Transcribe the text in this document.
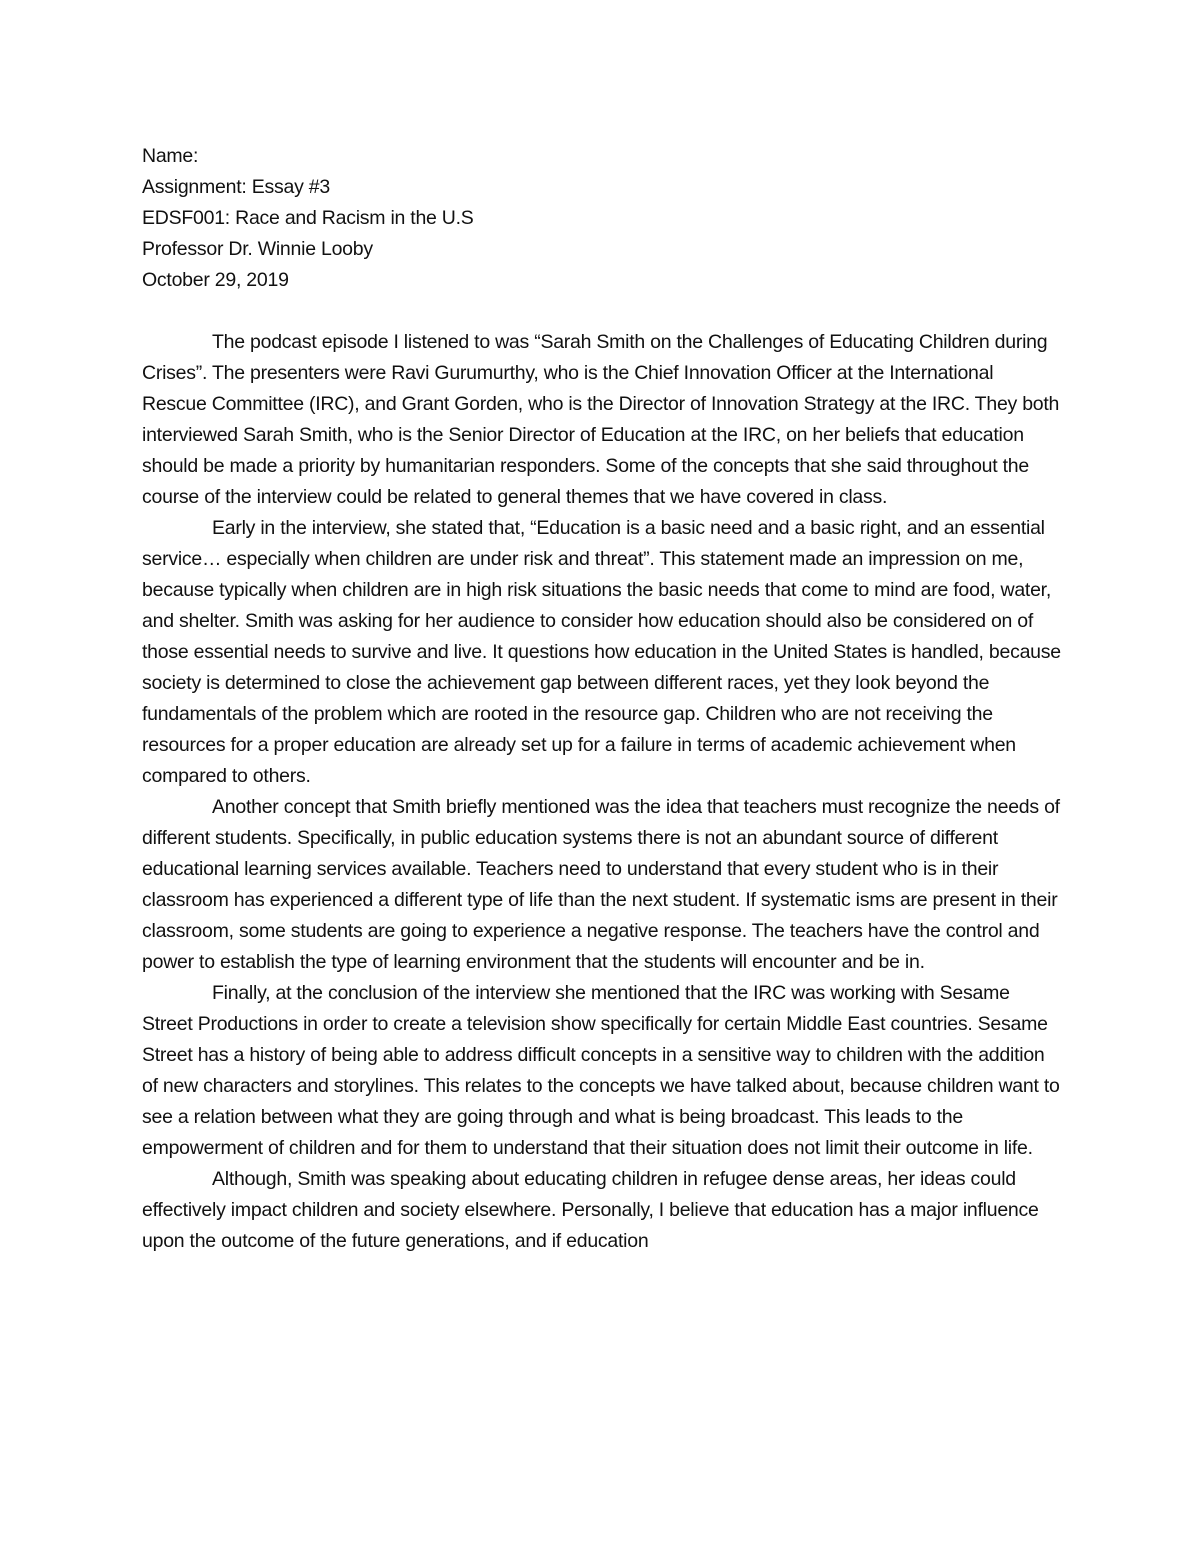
Name:
Assignment: Essay #3
EDSF001: Race and Racism in the U.S
Professor Dr. Winnie Looby
October 29, 2019

The podcast episode I listened to was “Sarah Smith on the Challenges of Educating Children during Crises”. The presenters were Ravi Gurumurthy, who is the Chief Innovation Officer at the International Rescue Committee (IRC), and Grant Gorden, who is the Director of Innovation Strategy at the IRC. They both interviewed Sarah Smith, who is the Senior Director of Education at the IRC, on her beliefs that education should be made a priority by humanitarian responders. Some of the concepts that she said throughout the course of the interview could be related to general themes that we have covered in class.

Early in the interview, she stated that, “Education is a basic need and a basic right, and an essential service… especially when children are under risk and threat”. This statement made an impression on me, because typically when children are in high risk situations the basic needs that come to mind are food, water, and shelter. Smith was asking for her audience to consider how education should also be considered on of those essential needs to survive and live. It questions how education in the United States is handled, because society is determined to close the achievement gap between different races, yet they look beyond the fundamentals of the problem which are rooted in the resource gap. Children who are not receiving the resources for a proper education are already set up for a failure in terms of academic achievement when compared to others.

Another concept that Smith briefly mentioned was the idea that teachers must recognize the needs of different students. Specifically, in public education systems there is not an abundant source of different educational learning services available. Teachers need to understand that every student who is in their classroom has experienced a different type of life than the next student. If systematic isms are present in their classroom, some students are going to experience a negative response. The teachers have the control and power to establish the type of learning environment that the students will encounter and be in.

Finally, at the conclusion of the interview she mentioned that the IRC was working with Sesame Street Productions in order to create a television show specifically for certain Middle East countries. Sesame Street has a history of being able to address difficult concepts in a sensitive way to children with the addition of new characters and storylines. This relates to the concepts we have talked about, because children want to see a relation between what they are going through and what is being broadcast. This leads to the empowerment of children and for them to understand that their situation does not limit their outcome in life.

Although, Smith was speaking about educating children in refugee dense areas, her ideas could effectively impact children and society elsewhere. Personally, I believe that education has a major influence upon the outcome of the future generations, and if education
